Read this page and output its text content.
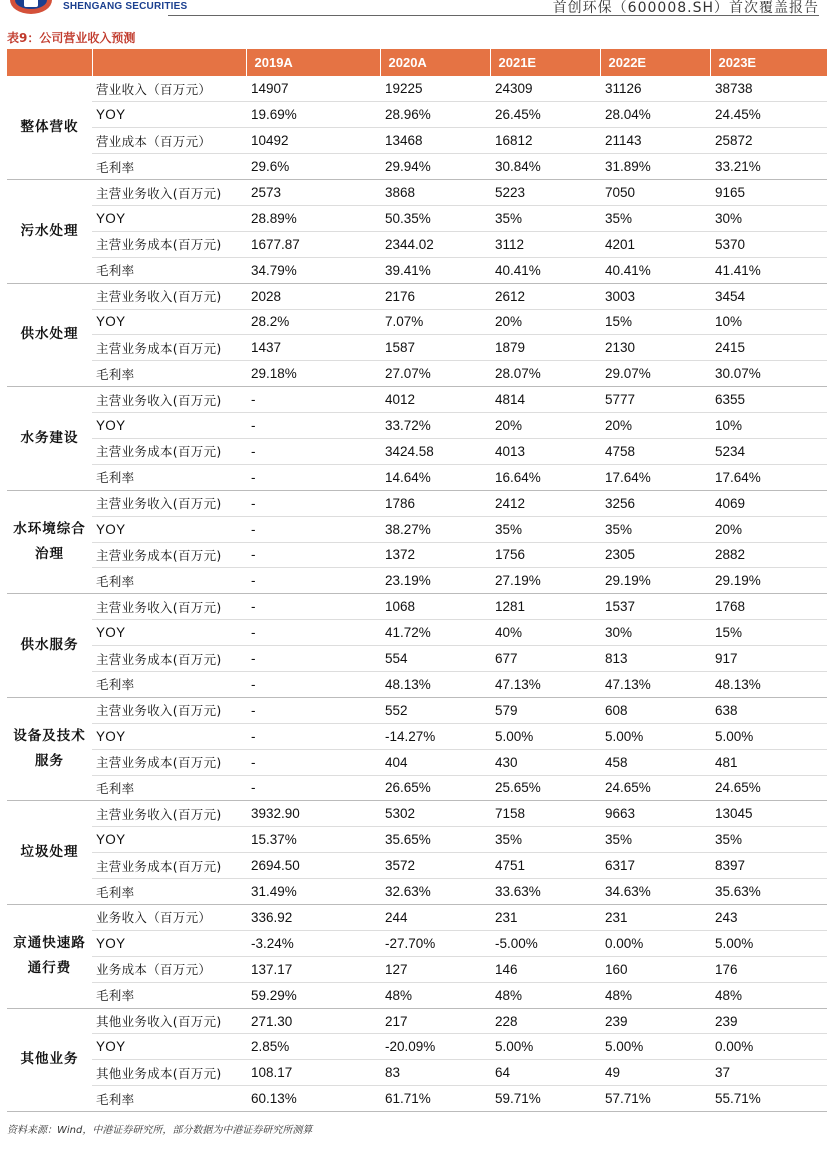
SHENGANG SECURITIES	首创环保（600008.SH）首次覆盖报告
表9：公司营业收入预测
		2019A	2020A	2021E	2022E	2023E
整体营收	营业收入（百万元）	14907	19225	24309	31126	38738
	YOY	19.69%	28.96%	26.45%	28.04%	24.45%
	营业成本（百万元）	10492	13468	16812	21143	25872
	毛利率	29.6%	29.94%	30.84%	31.89%	33.21%
污水处理	主营业务收入(百万元)	2573	3868	5223	7050	9165
	YOY	28.89%	50.35%	35%	35%	30%
	主营业务成本(百万元)	1677.87	2344.02	3112	4201	5370
	毛利率	34.79%	39.41%	40.41%	40.41%	41.41%
供水处理	主营业务收入(百万元)	2028	2176	2612	3003	3454
	YOY	28.2%	7.07%	20%	15%	10%
	主营业务成本(百万元)	1437	1587	1879	2130	2415
	毛利率	29.18%	27.07%	28.07%	29.07%	30.07%
水务建设	主营业务收入(百万元)	-	4012	4814	5777	6355
	YOY	-	33.72%	20%	20%	10%
	主营业务成本(百万元)	-	3424.58	4013	4758	5234
	毛利率	-	14.64%	16.64%	17.64%	17.64%
水环境综合治理	主营业务收入(百万元)	-	1786	2412	3256	4069
	YOY	-	38.27%	35%	35%	20%
	主营业务成本(百万元)	-	1372	1756	2305	2882
	毛利率	-	23.19%	27.19%	29.19%	29.19%
供水服务	主营业务收入(百万元)	-	1068	1281	1537	1768
	YOY	-	41.72%	40%	30%	15%
	主营业务成本(百万元)	-	554	677	813	917
	毛利率	-	48.13%	47.13%	47.13%	48.13%
设备及技术服务	主营业务收入(百万元)	-	552	579	608	638
	YOY	-	-14.27%	5.00%	5.00%	5.00%
	主营业务成本(百万元)	-	404	430	458	481
	毛利率	-	26.65%	25.65%	24.65%	24.65%
垃圾处理	主营业务收入(百万元)	3932.90	5302	7158	9663	13045
	YOY	15.37%	35.65%	35%	35%	35%
	主营业务成本(百万元)	2694.50	3572	4751	6317	8397
	毛利率	31.49%	32.63%	33.63%	34.63%	35.63%
京通快速路通行费	业务收入（百万元）	336.92	244	231	231	243
	YOY	-3.24%	-27.70%	-5.00%	0.00%	5.00%
	业务成本（百万元）	137.17	127	146	160	176
	毛利率	59.29%	48%	48%	48%	48%
其他业务	其他业务收入(百万元)	271.30	217	228	239	239
	YOY	2.85%	-20.09%	5.00%	5.00%	0.00%
	其他业务成本(百万元)	108.17	83	64	49	37
	毛利率	60.13%	61.71%	59.71%	57.71%	55.71%
资料来源：Wind，中港证券研究所，部分数据为中港证券研究所测算
